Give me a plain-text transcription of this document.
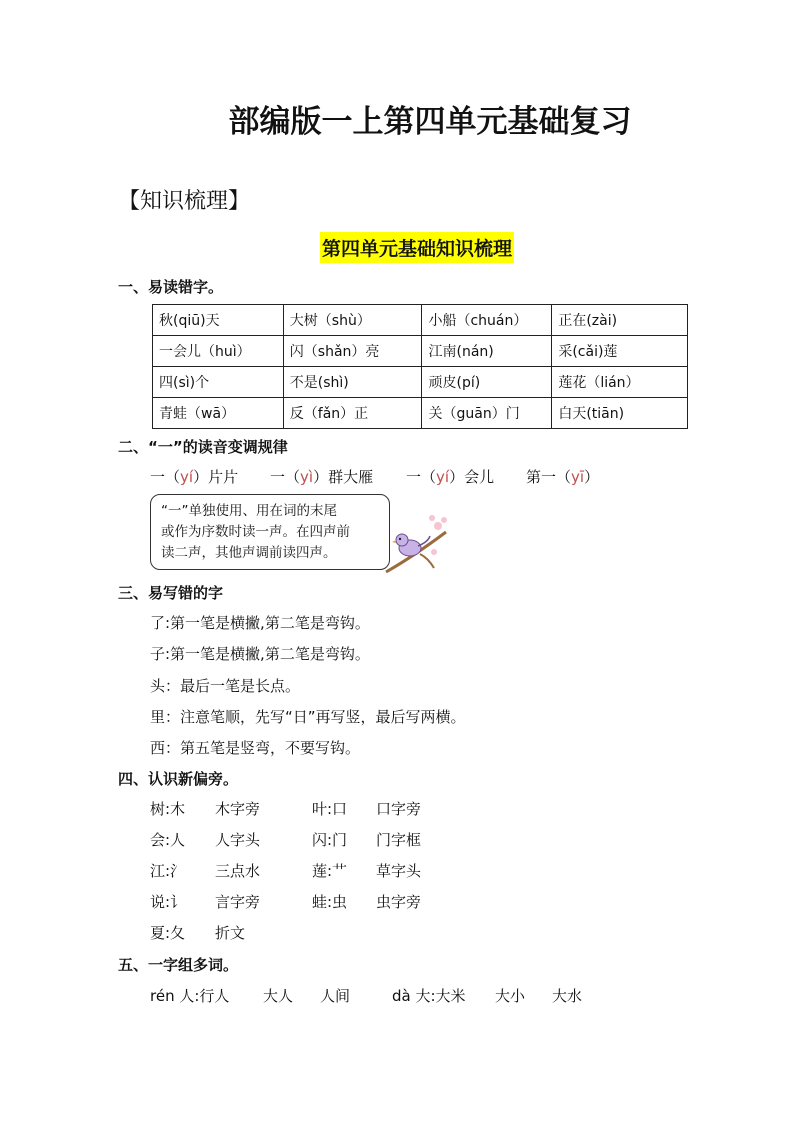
部编版一上第四单元基础复习
【知识梳理】
第四单元基础知识梳理
一、易读错字。
秋(qiū)天	大树（shù）	小船（chuán）	正在(zài)
一会儿（huì）	闪（shǎn）亮	江南(nán)	采(cǎi)莲
四(sì)个	不是(shì)	顽皮(pí)	莲花（lián）
青蛙（wā）	反（fǎn）正	关（guān）门	白天(tiān)
二、“一”的读音变调规律
一（yí）片片 一（yì）群大雁 一（yí）会儿 第一（yī）
“一”单独使用、用在词的末尾
或作为序数时读一声。在四声前
读二声，其他声调前读四声。
三、易写错的字
了:第一笔是横撇,第二笔是弯钩。
子:第一笔是横撇,第二笔是弯钩。
头：最后一笔是长点。
里：注意笔顺，先写“日”再写竖，最后写两横。
西：第五笔是竖弯，不要写钩。
四、认识新偏旁。
树:木 木字旁	叶:口 口字旁
会:人 人字头	闪:门 门字框
江:氵 三点水	莲:艹 草字头
说:讠 言字旁	蛙:虫 虫字旁
夏:夂 折文
五、一字组多词。
rén 人:行人 大人 人间	dà 大:大米 大小 大水
